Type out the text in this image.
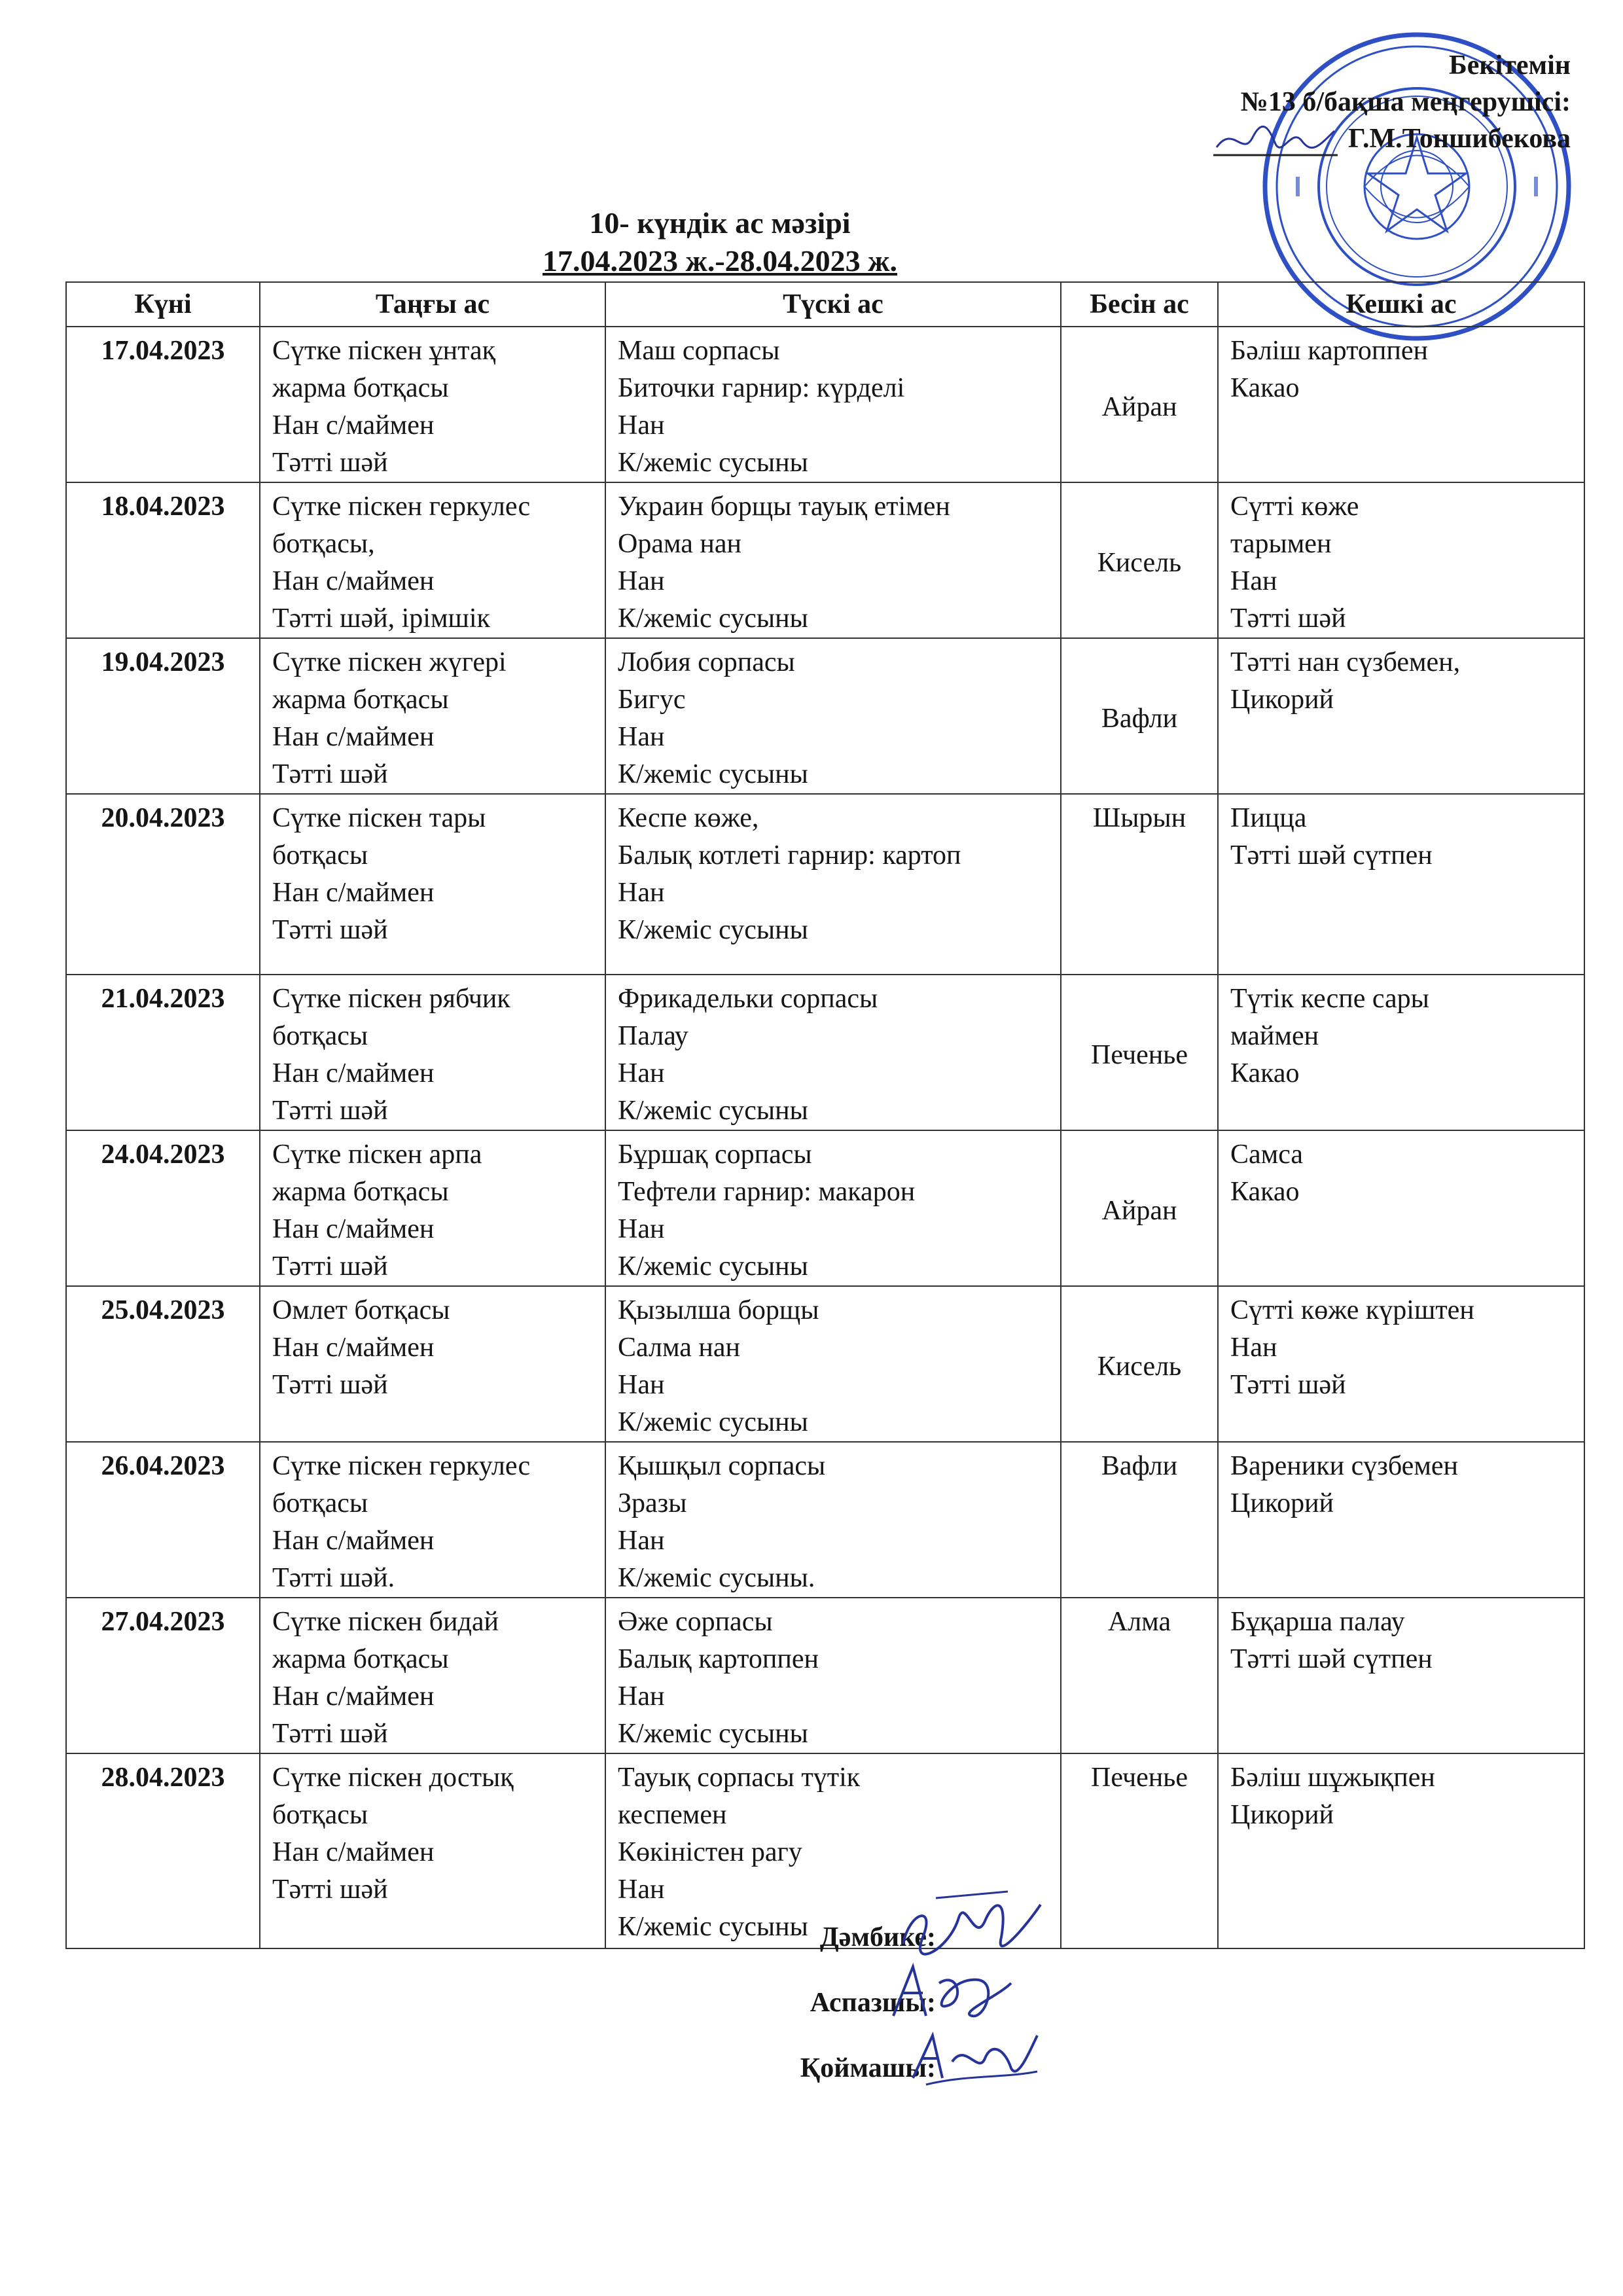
Бекітемін
№13 б/бақша меңгерушісі:
Г.М.Тоншибекова
10- күндік ас мәзірі
17.04.2023 ж.-28.04.2023 ж.
Күні	Таңғы ас	Түскі ас	Бесін ас	Кешкі ас
17.04.2023	Сүтке піскен ұнтақ
жарма ботқасы
Нан с/маймен
Тәтті шәй	Маш сорпасы
Биточки гарнир: күрделі
Нан
К/жеміс сусыны	Айран	Бәліш картоппен
Какао

18.04.2023	Сүтке піскен геркулес
ботқасы,
Нан с/маймен
Тәтті шәй, ірімшік	Украин борщы тауық етімен
Орама нан
Нан
К/жеміс сусыны	Кисель	Сүтті көже
тарымен
Нан
Тәтті шәй

19.04.2023	Сүтке піскен жүгері
жарма ботқасы
Нан с/маймен
Тәтті шәй	Лобия сорпасы
Бигус
Нан
К/жеміс сусыны	Вафли	Тәтті нан сүзбемен,
Цикорий

20.04.2023	Сүтке піскен тары
ботқасы
Нан с/маймен
Тәтті шәй	Кеспе көже,
Балық котлеті гарнир: картоп
Нан
К/жеміс сусыны	Шырын	Пицца
Тәтті шәй сүтпен

21.04.2023	Сүтке піскен рябчик
ботқасы
Нан с/маймен
Тәтті шәй	Фрикадельки сорпасы
Палау
Нан
К/жеміс сусыны	Печенье	Түтік кеспе сары
маймен
Какао

24.04.2023	Сүтке піскен арпа
жарма ботқасы
Нан с/маймен
Тәтті шәй	Бұршақ сорпасы
Тефтели гарнир: макарон
Нан
К/жеміс сусыны	Айран	Самса
Какао

25.04.2023	Омлет ботқасы
Нан с/маймен
Тәтті шәй	Қызылша борщы
Салма нан
Нан
К/жеміс сусыны	Кисель	Сүтті көже күріштен
Нан
Тәтті шәй

26.04.2023	Сүтке піскен геркулес
ботқасы
Нан с/маймен
Тәтті шәй.	Қышқыл сорпасы
Зразы
Нан
К/жеміс сусыны.	Вафли	Вареники сүзбемен
Цикорий

27.04.2023	Сүтке піскен бидай
жарма ботқасы
Нан с/маймен
Тәтті шәй	Әже сорпасы
Балық картоппен
Нан
К/жеміс сусыны	Алма	Бұқарша палау
Тәтті шәй сүтпен

28.04.2023	Сүтке піскен достық
ботқасы
Нан с/маймен
Тәтті шәй	Тауық сорпасы түтік
кеспемен
Көкіністен рагу
Нан
К/жеміс сусыны	Печенье	Бәліш шұжықпен
Цикорий
Дәмбике:
Аспазшы:
Қоймашы:
